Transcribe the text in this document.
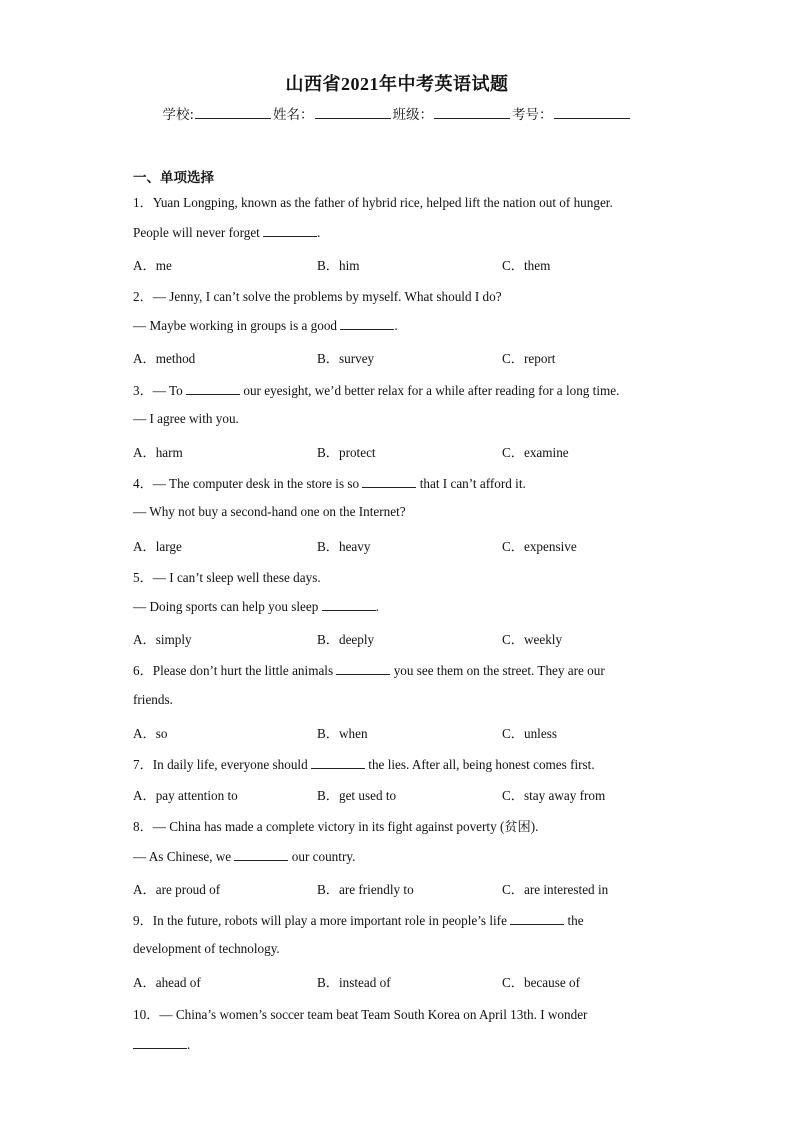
山西省2021年中考英语试题
学校:	姓名：	班级：	考号：
一、单项选择
1．Yuan Longping, known as the father of hybrid rice, helped lift the nation out of hunger.
People will never forget	.
A．me	B．him	C．them
2．— Jenny, I can’t solve the problems by myself. What should I do?
— Maybe working in groups is a good	.
A．method	B．survey	C．report
3．— To	our eyesight, we’d better relax for a while after reading for a long time.
— I agree with you.
A．harm	B．protect	C．examine
4．— The computer desk in the store is so	that I can’t afford it.
— Why not buy a second-hand one on the Internet?
A．large	B．heavy	C．expensive
5．— I can’t sleep well these days.
— Doing sports can help you sleep	.
A．simply	B．deeply	C．weekly
6．Please don’t hurt the little animals	you see them on the street. They are our
friends.
A．so	B．when	C．unless
7．In daily life, everyone should	the lies. After all, being honest comes first.
A．pay attention to	B．get used to	C．stay away from
8．— China has made a complete victory in its fight against poverty (贫困).
— As Chinese, we	our country.
A．are proud of	B．are friendly to	C．are interested in
9．In the future, robots will play a more important role in people’s life	the
development of technology.
A．ahead of	B．instead of	C．because of
10．— China’s women’s soccer team beat Team South Korea on April 13th. I wonder
.
